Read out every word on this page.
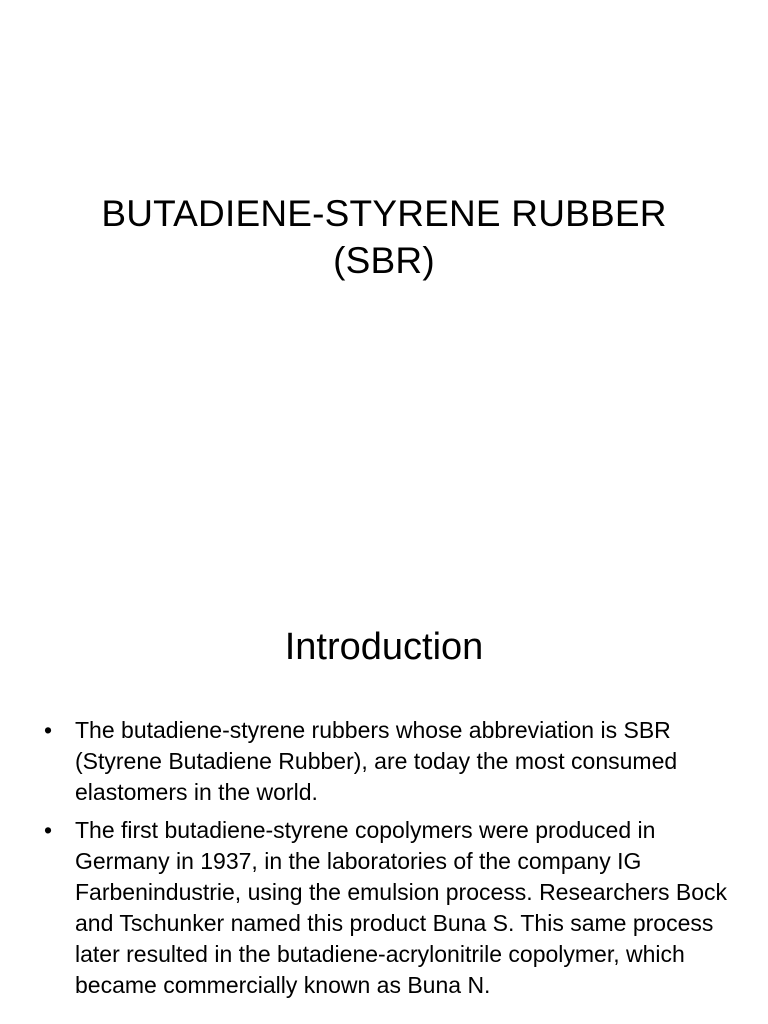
BUTADIENE-STYRENE RUBBER
(SBR)
Introduction
• The butadiene-styrene rubbers whose abbreviation is SBR (Styrene Butadiene Rubber), are today the most consumed elastomers in the world.
• The first butadiene-styrene copolymers were produced in Germany in 1937, in the laboratories of the company IG Farbenindustrie, using the emulsion process. Researchers Bock and Tschunker named this product Buna S. This same process later resulted in the butadiene-acrylonitrile copolymer, which became commercially known as Buna N.
